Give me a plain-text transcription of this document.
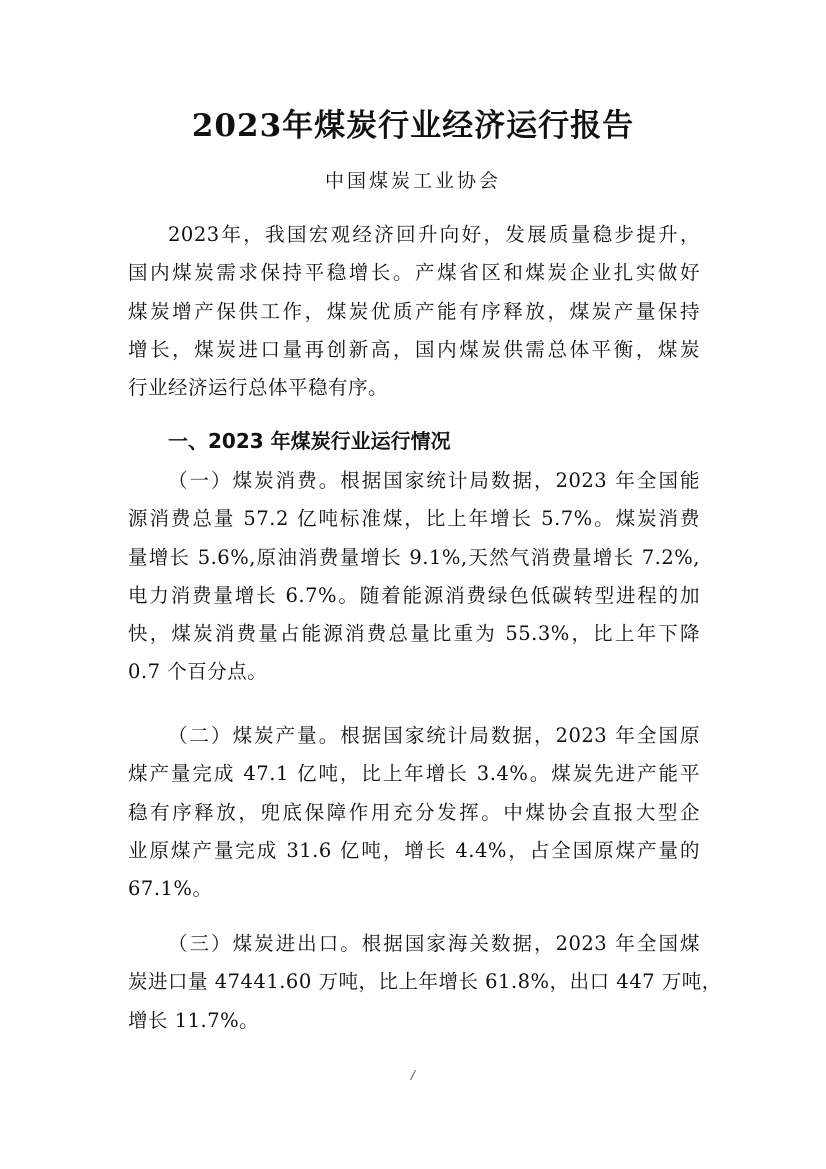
2023年煤炭行业经济运行报告
中国煤炭工业协会
2023年，我国宏观经济回升向好，发展质量稳步提升，
国内煤炭需求保持平稳增长。产煤省区和煤炭企业扎实做好
煤炭增产保供工作，煤炭优质产能有序释放，煤炭产量保持
增长，煤炭进口量再创新高，国内煤炭供需总体平衡，煤炭
行业经济运行总体平稳有序。
一、2023 年煤炭行业运行情况
（一）煤炭消费。根据国家统计局数据，2023 年全国能
源消费总量 57.2 亿吨标准煤，比上年增长 5.7%。煤炭消费
量增长 5.6%,原油消费量增长 9.1%,天然气消费量增长 7.2%,
电力消费量增长 6.7%。随着能源消费绿色低碳转型进程的加
快，煤炭消费量占能源消费总量比重为 55.3%，比上年下降
0.7 个百分点。
（二）煤炭产量。根据国家统计局数据，2023 年全国原
煤产量完成 47.1 亿吨，比上年增长 3.4%。煤炭先进产能平
稳有序释放，兜底保障作用充分发挥。中煤协会直报大型企
业原煤产量完成 31.6 亿吨，增长 4.4%，占全国原煤产量的
67.1%。
（三）煤炭进出口。根据国家海关数据，2023 年全国煤
炭进口量 47441.60 万吨，比上年增长 61.8%，出口 447 万吨，
增长 11.7%。
/
